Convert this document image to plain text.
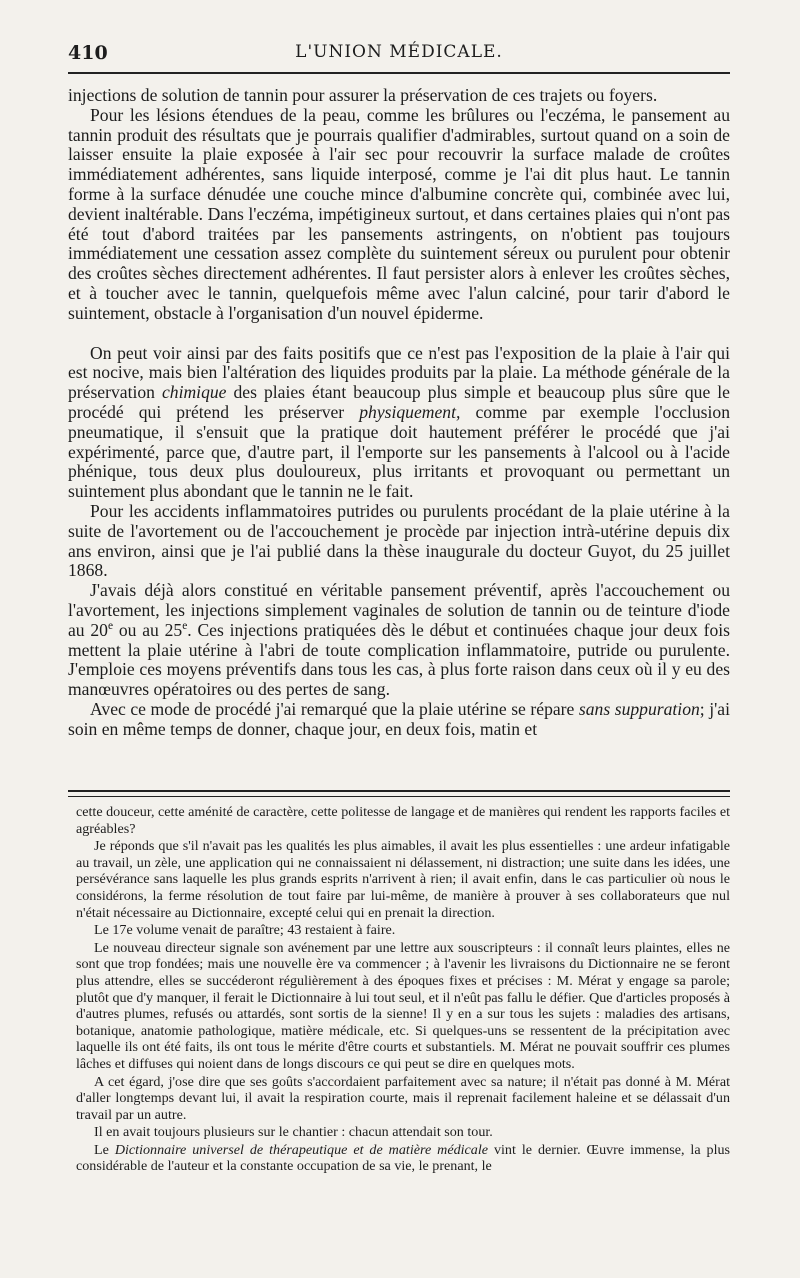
410	L'UNION MÉDICALE.

injections de solution de tannin pour assurer la préservation de ces trajets ou foyers.

Pour les lésions étendues de la peau, comme les brûlures ou l'eczéma, le pansement au tannin produit des résultats que je pourrais qualifier d'admirables, surtout quand on a soin de laisser ensuite la plaie exposée à l'air sec pour recouvrir la surface malade de croûtes immédiatement adhérentes, sans liquide interposé, comme je l'ai dit plus haut. Le tannin forme à la surface dénudée une couche mince d'albumine concrète qui, combinée avec lui, devient inaltérable. Dans l'eczéma, impétigineux surtout, et dans certaines plaies qui n'ont pas été tout d'abord traitées par les pansements astringents, on n'obtient pas toujours immédiatement une cessation assez complète du suintement séreux ou purulent pour obtenir des croûtes sèches directement adhérentes. Il faut persister alors à enlever les croûtes sèches, et à toucher avec le tannin, quelquefois même avec l'alun calciné, pour tarir d'abord le suintement, obstacle à l'organisation d'un nouvel épiderme.

On peut voir ainsi par des faits positifs que ce n'est pas l'exposition de la plaie à l'air qui est nocive, mais bien l'altération des liquides produits par la plaie. La méthode générale de la préservation chimique des plaies étant beaucoup plus simple et beaucoup plus sûre que le procédé qui prétend les préserver physiquement, comme par exemple l'occlusion pneumatique, il s'ensuit que la pratique doit hautement préférer le procédé que j'ai expérimenté, parce que, d'autre part, il l'emporte sur les pansements à l'alcool ou à l'acide phénique, tous deux plus douloureux, plus irritants et provoquant ou permettant un suintement plus abondant que le tannin ne le fait.

Pour les accidents inflammatoires putrides ou purulents procédant de la plaie utérine à la suite de l'avortement ou de l'accouchement je procède par injection intrà-utérine depuis dix ans environ, ainsi que je l'ai publié dans la thèse inaugurale du docteur Guyot, du 25 juillet 1868.

J'avais déjà alors constitué en véritable pansement préventif, après l'accouchement ou l'avortement, les injections simplement vaginales de solution de tannin ou de teinture d'iode au 20e ou au 25e. Ces injections pratiquées dès le début et continuées chaque jour deux fois mettent la plaie utérine à l'abri de toute complication inflammatoire, putride ou purulente. J'emploie ces moyens préventifs dans tous les cas, à plus forte raison dans ceux où il y eu des manœuvres opératoires ou des pertes de sang.

Avec ce mode de procédé j'ai remarqué que la plaie utérine se répare sans suppuration; j'ai soin en même temps de donner, chaque jour, en deux fois, matin et

cette douceur, cette aménité de caractère, cette politesse de langage et de manières qui rendent les rapports faciles et agréables?

Je réponds que s'il n'avait pas les qualités les plus aimables, il avait les plus essentielles : une ardeur infatigable au travail, un zèle, une application qui ne connaissaient ni délassement, ni distraction; une suite dans les idées, une persévérance sans laquelle les plus grands esprits n'arrivent à rien; il avait enfin, dans le cas particulier où nous le considérons, la ferme résolution de tout faire par lui-même, de manière à prouver à ses collaborateurs que nul n'était nécessaire au Dictionnaire, excepté celui qui en prenait la direction.

Le 17e volume venait de paraître; 43 restaient à faire.

Le nouveau directeur signale son avénement par une lettre aux souscripteurs : il connaît leurs plaintes, elles ne sont que trop fondées; mais une nouvelle ère va commencer ; à l'avenir les livraisons du Dictionnaire ne se feront plus attendre, elles se succéderont régulièrement à des époques fixes et précises : M. Mérat y engage sa parole; plutôt que d'y manquer, il ferait le Dictionnaire à lui tout seul, et il n'eût pas fallu le défier. Que d'articles proposés à d'autres plumes, refusés ou attardés, sont sortis de la sienne! Il y en a sur tous les sujets : maladies des artisans, botanique, anatomie pathologique, matière médicale, etc. Si quelques-uns se ressentent de la précipitation avec laquelle ils ont été faits, ils ont tous le mérite d'être courts et substantiels. M. Mérat ne pouvait souffrir ces plumes lâches et diffuses qui noient dans de longs discours ce qui peut se dire en quelques mots.

A cet égard, j'ose dire que ses goûts s'accordaient parfaitement avec sa nature; il n'était pas donné à M. Mérat d'aller longtemps devant lui, il avait la respiration courte, mais il reprenait facilement haleine et se délassait d'un travail par un autre.

Il en avait toujours plusieurs sur le chantier : chacun attendait son tour.

Le Dictionnaire universel de thérapeutique et de matière médicale vint le dernier. Œuvre immense, la plus considérable de l'auteur et la constante occupation de sa vie, le prenant, le
